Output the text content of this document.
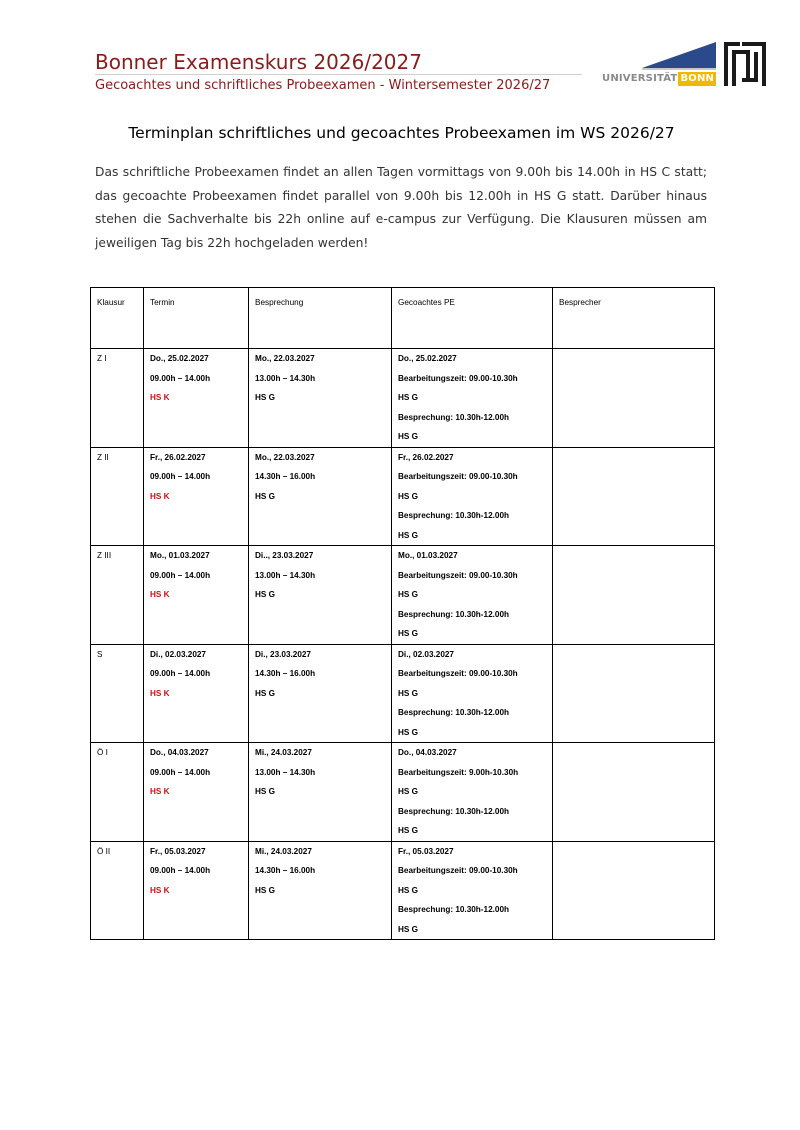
Bonner Examenskurs 2026/2027
Gecoachtes und schriftliches Probeexamen - Wintersemester 2026/27	UNIVERSITÄT BONN
Terminplan schriftliches und gecoachtes Probeexamen im WS 2026/27

Das schriftliche Probeexamen findet an allen Tagen vormittags von 9.00h bis 14.00h in HS C statt; das gecoachte Probeexamen findet parallel von 9.00h bis 12.00h in HS G statt. Darüber hinaus stehen die Sachverhalte bis 22h online auf e-campus zur Verfügung. Die Klausuren müssen am jeweiligen Tag bis 22h hochgeladen werden!

Klausur	Termin	Besprechung	Gecoachtes PE	Besprecher

Z I	Do., 25.02.2027
09.00h – 14.00h
HS K	Mo., 22.03.2027
13.00h – 14.30h
HS G	Do., 25.02.2027
Bearbeitungszeit: 09.00-10.30h
HS G
Besprechung: 10.30h-12.00h
HS G	

Z II	Fr., 26.02.2027
09.00h – 14.00h
HS K	Mo., 22.03.2027
14.30h – 16.00h
HS G	Fr., 26.02.2027
Bearbeitungszeit: 09.00-10.30h
HS G
Besprechung: 10.30h-12.00h
HS G	

Z III	Mo., 01.03.2027
09.00h – 14.00h
HS K	Di.., 23.03.2027
13.00h – 14.30h
HS G	Mo., 01.03.2027
Bearbeitungszeit: 09.00-10.30h
HS G
Besprechung: 10.30h-12.00h
HS G	

S	Di., 02.03.2027
09.00h – 14.00h
HS K	Di., 23.03.2027
14.30h – 16.00h
HS G	Di., 02.03.2027
Bearbeitungszeit: 09.00-10.30h
HS G
Besprechung: 10.30h-12.00h
HS G	

Ö I	Do., 04.03.2027
09.00h – 14.00h
HS K	Mi., 24.03.2027
13.00h – 14.30h
HS G	Do., 04.03.2027
Bearbeitungszeit: 9.00h-10.30h
HS G
Besprechung: 10.30h-12.00h
HS G	

Ö II	Fr., 05.03.2027
09.00h – 14.00h
HS K	Mi., 24.03.2027
14.30h – 16.00h
HS G	Fr., 05.03.2027
Bearbeitungszeit: 09.00-10.30h
HS G
Besprechung: 10.30h-12.00h
HS G	
